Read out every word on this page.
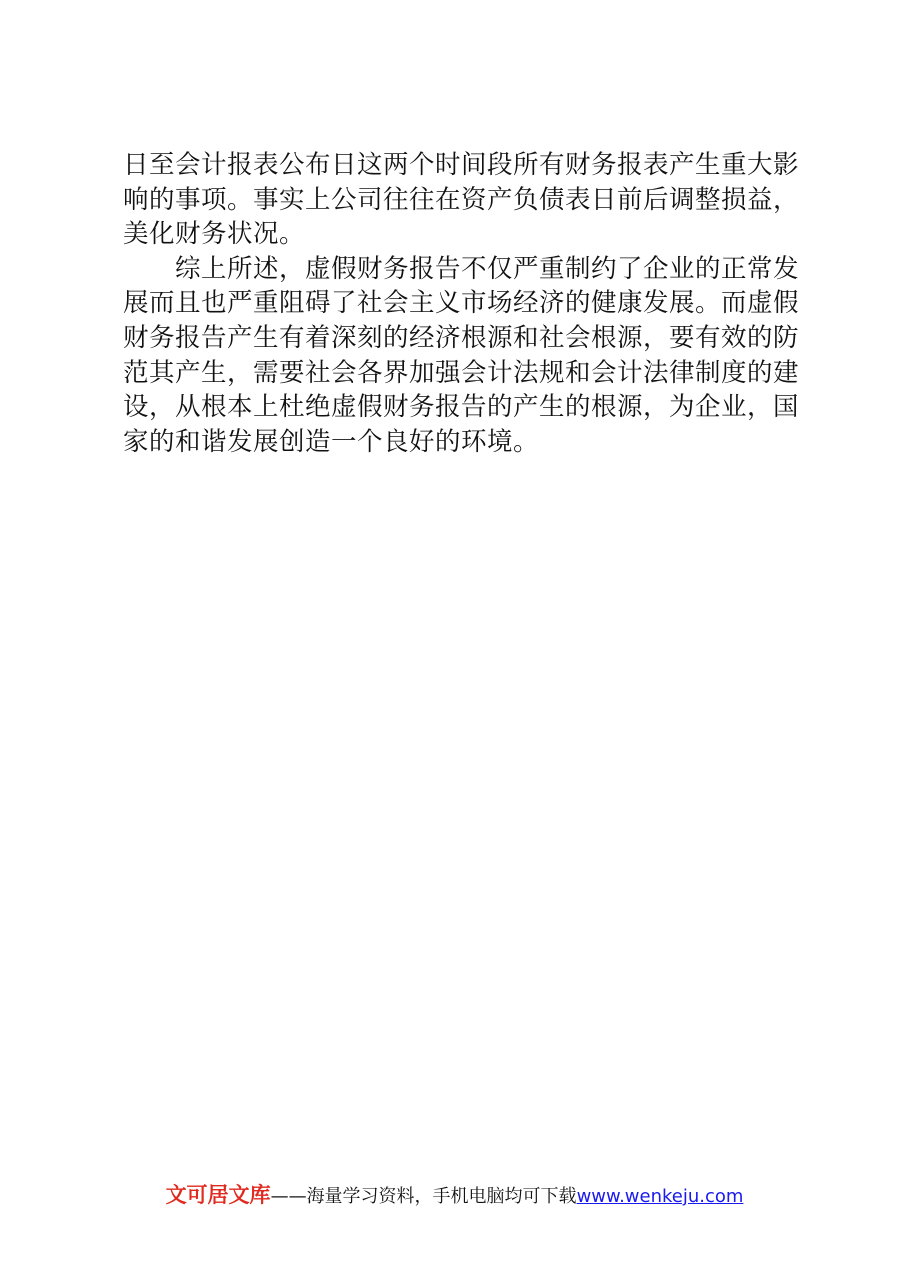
日至会计报表公布日这两个时间段所有财务报表产生重大影响的事项。事实上公司往往在资产负债表日前后调整损益，美化财务状况。

综上所述，虚假财务报告不仅严重制约了企业的正常发展而且也严重阻碍了社会主义市场经济的健康发展。而虚假财务报告产生有着深刻的经济根源和社会根源，要有效的防范其产生，需要社会各界加强会计法规和会计法律制度的建设，从根本上杜绝虚假财务报告的产生的根源，为企业，国家的和谐发展创造一个良好的环境。

文可居文库——海量学习资料，手机电脑均可下载www.wenkeju.com
